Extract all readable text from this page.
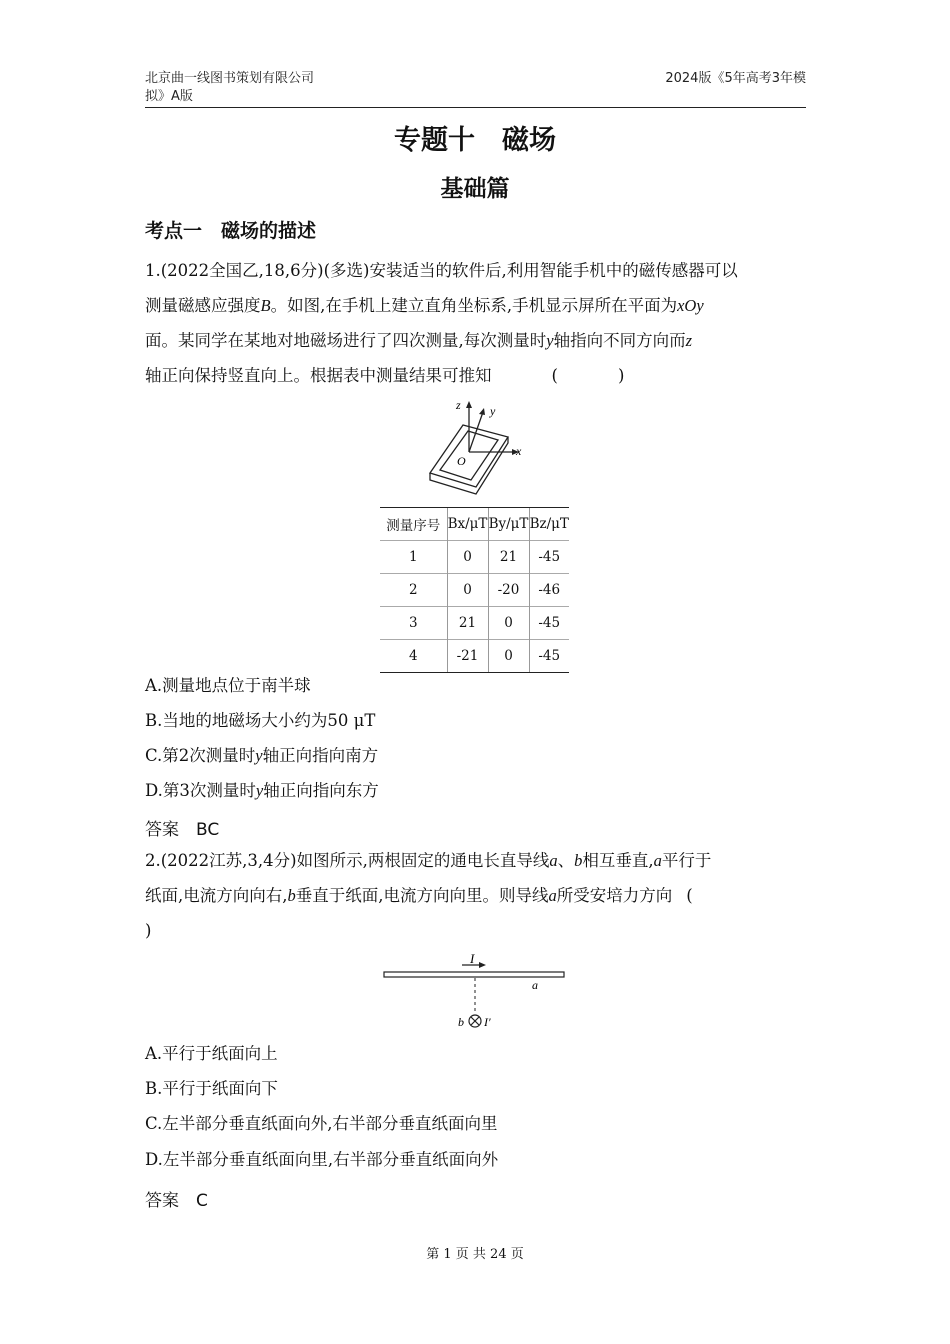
北京曲一线图书策划有限公司
拟》A版
2024版《5年高考3年模
专题十　磁场
基础篇
考点一　磁场的描述
1.(2022全国乙,18,6分)(多选)安装适当的软件后,利用智能手机中的磁传感器可以
测量磁感应强度B。如图,在手机上建立直角坐标系,手机显示屏所在平面为xOy
面。某同学在某地对地磁场进行了四次测量,每次测量时y轴指向不同方向而z
轴正向保持竖直向上。根据表中测量结果可推知	(	)
z y
x
O
测量序号	Bx/μT	By/μT	Bz/μT
1	0	21	-45
2	0	-20	-46
3	21	0	-45
4	-21	0	-45
A.测量地点位于南半球
B.当地的地磁场大小约为50 μT
C.第2次测量时y轴正向指向南方
D.第3次测量时y轴正向指向东方
答案　BC
2.(2022江苏,3,4分)如图所示,两根固定的通电长直导线a、b相互垂直,a平行于
纸面,电流方向向右,b垂直于纸面,电流方向向里。则导线a所受安培力方向 (
)
I
a
b I′
A.平行于纸面向上
B.平行于纸面向下
C.左半部分垂直纸面向外,右半部分垂直纸面向里
D.左半部分垂直纸面向里,右半部分垂直纸面向外
答案　C
第 1 页 共 24 页
